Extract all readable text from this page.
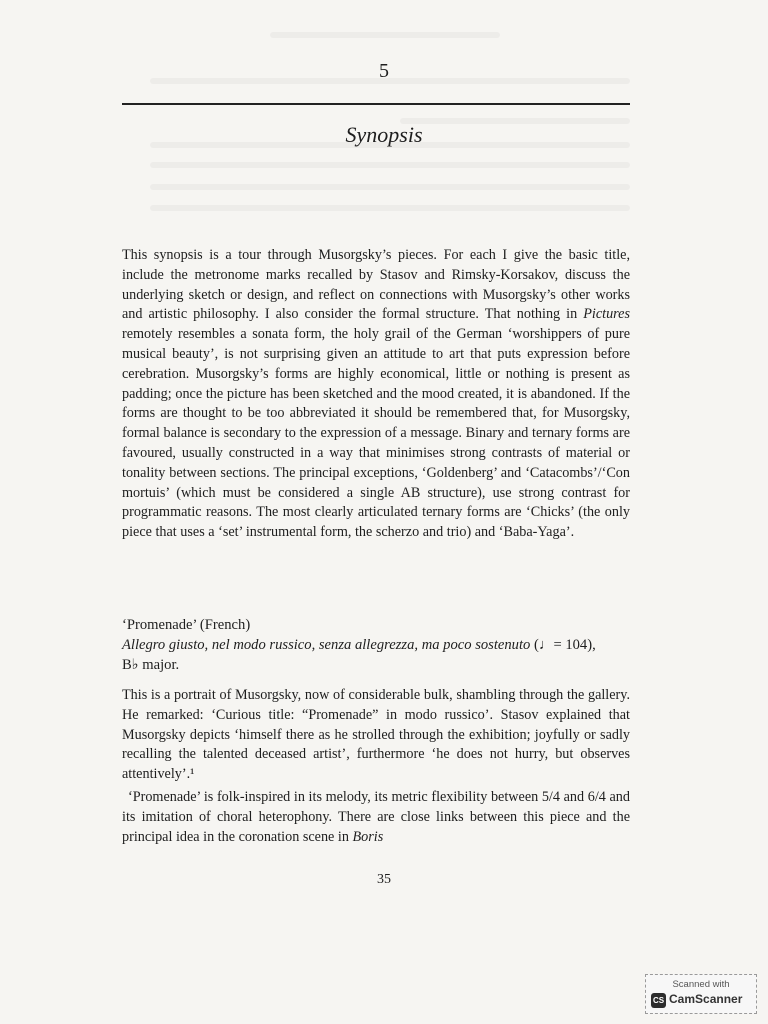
5
Synopsis

This synopsis is a tour through Musorgsky’s pieces. For each I give the basic title, include the metronome marks recalled by Stasov and Rimsky-Korsakov, discuss the underlying sketch or design, and reflect on connections with Musorgsky’s other works and artistic philosophy. I also consider the formal structure. That nothing in Pictures remotely resembles a sonata form, the holy grail of the German ‘worshippers of pure musical beauty’, is not surprising given an attitude to art that puts expression before cerebration. Musorgsky’s forms are highly economical, little or nothing is present as padding; once the picture has been sketched and the mood created, it is abandoned. If the forms are thought to be too abbreviated it should be remembered that, for Musorgsky, formal balance is secondary to the expression of a message. Binary and ternary forms are favoured, usually constructed in a way that minimises strong contrasts of material or tonality between sections. The principal exceptions, ‘Goldenberg’ and ‘Catacombs’/‘Con mortuis’ (which must be considered a single AB structure), use strong contrast for programmatic reasons. The most clearly articulated ternary forms are ‘Chicks’ (the only piece that uses a ‘set’ instrumental form, the scherzo and trio) and ‘Baba-Yaga’.

‘Promenade’ (French)
Allegro giusto, nel modo russico, senza allegrezza, ma poco sostenuto (♩= 104),
B♭ major.

This is a portrait of Musorgsky, now of considerable bulk, shambling through the gallery. He remarked: ‘Curious title: “Promenade” in modo russico’. Stasov explained that Musorgsky depicts ‘himself there as he strolled through the exhibition; joyfully or sadly recalling the talented deceased artist’, furthermore ‘he does not hurry, but observes attentively’.¹

‘Promenade’ is folk-inspired in its melody, its metric flexibility between 5/4 and 6/4 and its imitation of choral heterophony. There are close links between this piece and the principal idea in the coronation scene in Boris

35
Scanned with
CS CamScanner
